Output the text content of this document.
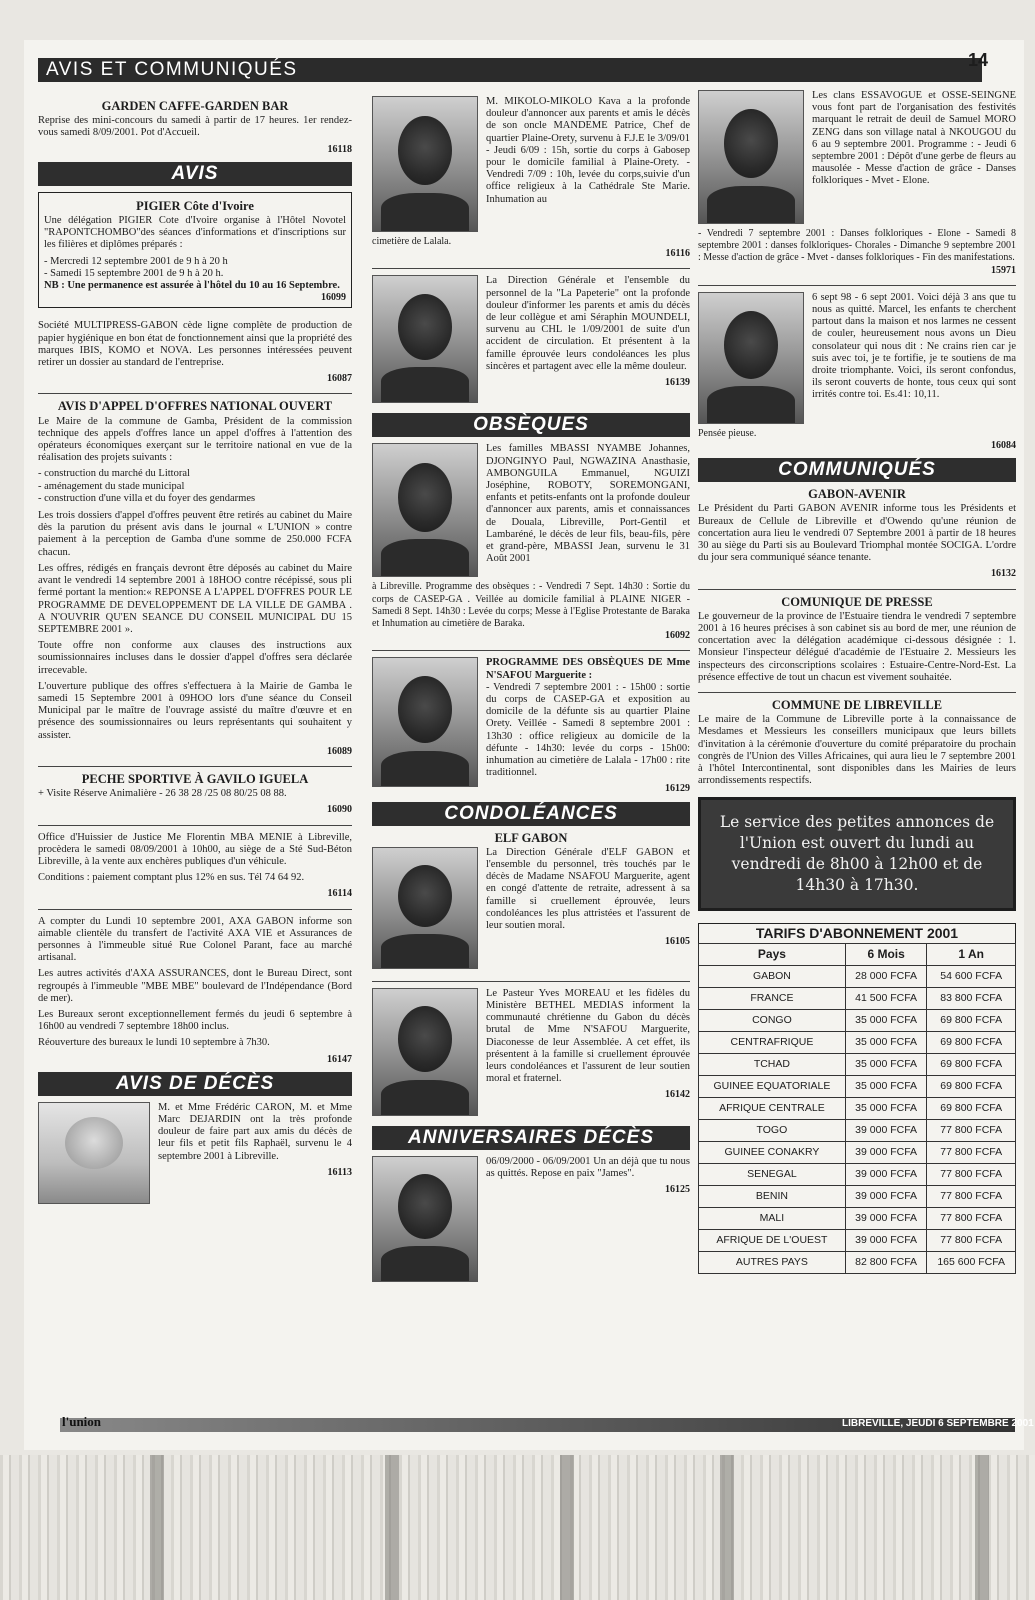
AVIS ET COMMUNIQUÉS	14
GARDEN CAFFE-GARDEN BAR

Reprise des mini-concours du samedi à partir de 17 heures. 1er rendez-vous samedi 8/09/2001. Pot d'Accueil.

16118
AVIS
PIGIER Côte d'Ivoire

Une délégation PIGIER Cote d'Ivoire organise à l'Hôtel Novotel "RAPONTCHOMBO"des séances d'informations et d'inscriptions sur les filières et diplômes préparés :

- Mercredi 12 septembre 2001 de 9 h à 20 h
- Samedi 15 septembre 2001 de 9 h à 20 h.
NB : Une permanence est assurée à l'hôtel du 10 au 16 Septembre.
16099

Société MULTIPRESS-GABON cède ligne complète de production de papier hygiénique en bon état de fonctionnement ainsi que la propriété des marques IBIS, KOMO et NOVA. Les personnes intéressées peuvent retirer un dossier au standard de l'entreprise.

16087
AVIS D'APPEL D'OFFRES NATIONAL OUVERT

Le Maire de la commune de Gamba, Président de la commission technique des appels d'offres lance un appel d'offres à l'attention des opérateurs économiques exerçant sur le territoire national en vue de la réalisation des projets suivants :

- construction du marché du Littoral
- aménagement du stade municipal
- construction d'une villa et du foyer des gendarmes

Les trois dossiers d'appel d'offres peuvent être retirés au cabinet du Maire dès la parution du présent avis dans le journal « L'UNION » contre paiement à la perception de Gamba d'une somme de 250.000 FCFA chacun.

Les offres, rédigés en français devront être déposés au cabinet du Maire avant le vendredi 14 septembre 2001 à 18HOO contre récépissé, sous pli fermé portant la mention:« REPONSE A L'APPEL D'OFFRES POUR LE PROGRAMME DE DEVELOPPEMENT DE LA VILLE DE GAMBA . A N'OUVRIR QU'EN SEANCE DU CONSEIL MUNICIPAL DU 15 SEPTEMBRE 2001 ».

Toute offre non conforme aux clauses des instructions aux soumissionnaires incluses dans le dossier d'appel d'offres sera déclarée irrecevable.

L'ouverture publique des offres s'effectuera à la Mairie de Gamba le samedi 15 Septembre 2001 à 09HOO lors d'une séance du Conseil Municipal par le maître de l'ouvrage assisté du maître d'œuvre et en présence des soumissionnaires ou leurs représentants qui souhaitent y assister.

16089
PECHE SPORTIVE À GAVILO IGUELA

+ Visite Réserve Animalière - 26 38 28 /25 08 80/25 08 88.

16090

Office d'Huissier de Justice Me Florentin MBA MENIE à Libreville, procèdera le samedi 08/09/2001 à 10h00, au siège de a Sté Sud-Béton Libreville, à la vente aux enchères publiques d'un véhicule.

Conditions : paiement comptant plus 12% en sus. Tél 74 64 92.

16114

A compter du Lundi 10 septembre 2001, AXA GABON informe son aimable clientèle du transfert de l'activité AXA VIE et Assurances de personnes à l'immeuble situé Rue Colonel Parant, face au marché artisanal.

Les autres activités d'AXA ASSURANCES, dont le Bureau Direct, sont regroupés à l'immeuble "MBE MBE" boulevard de l'Indépendance (Bord de mer).

Les Bureaux seront exceptionnellement fermés du jeudi 6 septembre à 16h00 au vendredi 7 septembre 18h00 inclus.

Réouverture des bureaux le lundi 10 septembre à 7h30.

16147
AVIS DE DÉCÈS

M. et Mme Frédéric CARON, M. et Mme Marc DEJARDIN ont la très profonde douleur de faire part aux amis du décès de leur fils et petit fils Raphaël, survenu le 4 septembre 2001 à Libreville.

16113

M. MIKOLO-MIKOLO Kava a la profonde douleur d'annoncer aux parents et amis le décès de son oncle MANDEME Patrice, Chef de quartier Plaine-Orety, survenu à F.J.E le 3/09/01 - Jeudi 6/09 : 15h, sortie du corps à Gabosep pour le domicile familial à Plaine-Orety. - Vendredi 7/09 : 10h, levée du corps,suivie d'un office religieux à la Cathédrale Ste Marie. Inhumation au

cimetière de Lalala.
16116

La Direction Générale et l'ensemble du personnel de la "La Papeterie" ont la profonde douleur d'informer les parents et amis du décès de leur collègue et ami Séraphin MOUNDELI, survenu au CHL le 1/09/2001 de suite d'un accident de circulation. Et présentent à la famille éprouvée leurs condoléances les plus sincères et partagent avec elle la même douleur.

16139
OBSÈQUES

Les familles MBASSI NYAMBE Johannes, DJONGINYO Paul, NGWAZINA Anasthasie, AMBONGUILA Emmanuel, NGUIZI Joséphine, ROBOTY, SOREMONGANI, enfants et petits-enfants ont la profonde douleur d'annoncer aux parents, amis et connaissances de Douala, Libreville, Port-Gentil et Lambaréné, le décès de leur fils, beau-fils, père et grand-père, MBASSI Jean, survenu le 31 Août 2001

à Libreville. Programme des obsèques : - Vendredi 7 Sept. 14h30 : Sortie du corps de CASEP-GA . Veillée au domicile familial à PLAINE NIGER - Samedi 8 Sept. 14h30 : Levée du corps; Messe à l'Eglise Protestante de Baraka et Inhumation au cimetière de Baraka.
16092
PROGRAMME DES OBSÈQUES DE Mme N'SAFOU Marguerite :

- Vendredi 7 septembre 2001 : - 15h00 : sortie du corps de CASEP-GA et exposition au domicile de la défunte sis au quartier Plaine Orety. Veillée - Samedi 8 septembre 2001 : 13h30 : office religieux au domicile de la défunte - 14h30: levée du corps - 15h00: inhumation au cimetière de Lalala - 17h00 : rite traditionnel.

16129
CONDOLÉANCES
ELF GABON

La Direction Générale d'ELF GABON et l'ensemble du personnel, très touchés par le décès de Madame NSAFOU Marguerite, agent en congé d'attente de retraite, adressent à sa famille si cruellement éprouvée, leurs condoléances les plus attristées et l'assurent de leur soutien moral.

16105

Le Pasteur Yves MOREAU et les fidèles du Ministère BETHEL MEDIAS informent la communauté chrétienne du Gabon du décès brutal de Mme N'SAFOU Marguerite, Diaconesse de leur Assemblée. A cet effet, ils présentent à la famille si cruellement éprouvée leurs condoléances et l'assurent de leur soutien moral et fraternel.

16142
ANNIVERSAIRES DÉCÈS

06/09/2000 - 06/09/2001 Un an déjà que tu nous as quittés. Repose en paix "James".

16125

Les clans ESSAVOGUE et OSSE-SEINGNE vous font part de l'organisation des festivités marquant le retrait de deuil de Samuel MORO ZENG dans son village natal à NKOUGOU du 6 au 9 septembre 2001. Programme : - Jeudi 6 septembre 2001 : Dépôt d'une gerbe de fleurs au mausolée - Messe d'action de grâce - Danses folkloriques - Mvet - Elone.

- Vendredi 7 septembre 2001 : Danses folkloriques - Elone - Samedi 8 septembre 2001 : danses folkloriques- Chorales - Dimanche 9 septembre 2001 : Messe d'action de grâce - Mvet - danses folkloriques - Fin des manifestations.
15971

6 sept 98 - 6 sept 2001. Voici déjà 3 ans que tu nous as quitté. Marcel, les enfants te cherchent partout dans la maison et nos larmes ne cessent de couler, heureusement nous avons un Dieu consolateur qui nous dit : Ne crains rien car je suis avec toi, je te fortifie, je te soutiens de ma droite triomphante. Voici, ils seront confondus, ils seront couverts de honte, tous ceux qui sont irrités contre toi. Es.41: 10,11.

Pensée pieuse.
16084
COMMUNIQUÉS
GABON-AVENIR

Le Président du Parti GABON AVENIR informe tous les Présidents et Bureaux de Cellule de Libreville et d'Owendo qu'une réunion de concertation aura lieu le vendredi 07 Septembre 2001 à partir de 18 heures 30 au siège du Parti sis au Boulevard Triomphal montée SOCIGA. L'ordre du jour sera communiqué séance tenante.

16132
COMUNIQUE DE PRESSE

Le gouverneur de la province de l'Estuaire tiendra le vendredi 7 septembre 2001 à 16 heures précises à son cabinet sis au bord de mer, une réunion de concertation avec la délégation académique ci-dessous désignée : 1. Monsieur l'inspecteur délégué d'académie de l'Estuaire 2. Messieurs les inspecteurs des circonscriptions scolaires : Estuaire-Centre-Nord-Est. La présence effective de tout un chacun est vivement souhaitée.

COMMUNE DE LIBREVILLE

Le maire de la Commune de Libreville porte à la connaissance de Mesdames et Messieurs les conseillers municipaux que leurs billets d'invitation à la cérémonie d'ouverture du comité préparatoire du prochain congrès de l'Union des Villes Africaines, qui aura lieu le 7 septembre 2001 à l'hôtel Intercontinental, sont disponibles dans les Mairies de leurs arrondissements respectifs.

Le service des petites annonces de l'Union est ouvert du lundi au vendredi de 8h00 à 12h00 et de 14h30 à 17h30.
TARIFS D'ABONNEMENT 2001
Pays	6 Mois	1 An
GABON	28 000 FCFA	54 600 FCFA
FRANCE	41 500 FCFA	83 800 FCFA
CONGO	35 000 FCFA	69 800 FCFA
CENTRAFRIQUE	35 000 FCFA	69 800 FCFA
TCHAD	35 000 FCFA	69 800 FCFA
GUINEE EQUATORIALE	35 000 FCFA	69 800 FCFA
AFRIQUE CENTRALE	35 000 FCFA	69 800 FCFA
TOGO	39 000 FCFA	77 800 FCFA
GUINEE CONAKRY	39 000 FCFA	77 800 FCFA
SENEGAL	39 000 FCFA	77 800 FCFA
BENIN	39 000 FCFA	77 800 FCFA
MALI	39 000 FCFA	77 800 FCFA
AFRIQUE DE L'OUEST	39 000 FCFA	77 800 FCFA
AUTRES PAYS	82 800 FCFA	165 600 FCFA
l'union	LIBREVILLE, JEUDI 6 SEPTEMBRE 2001
